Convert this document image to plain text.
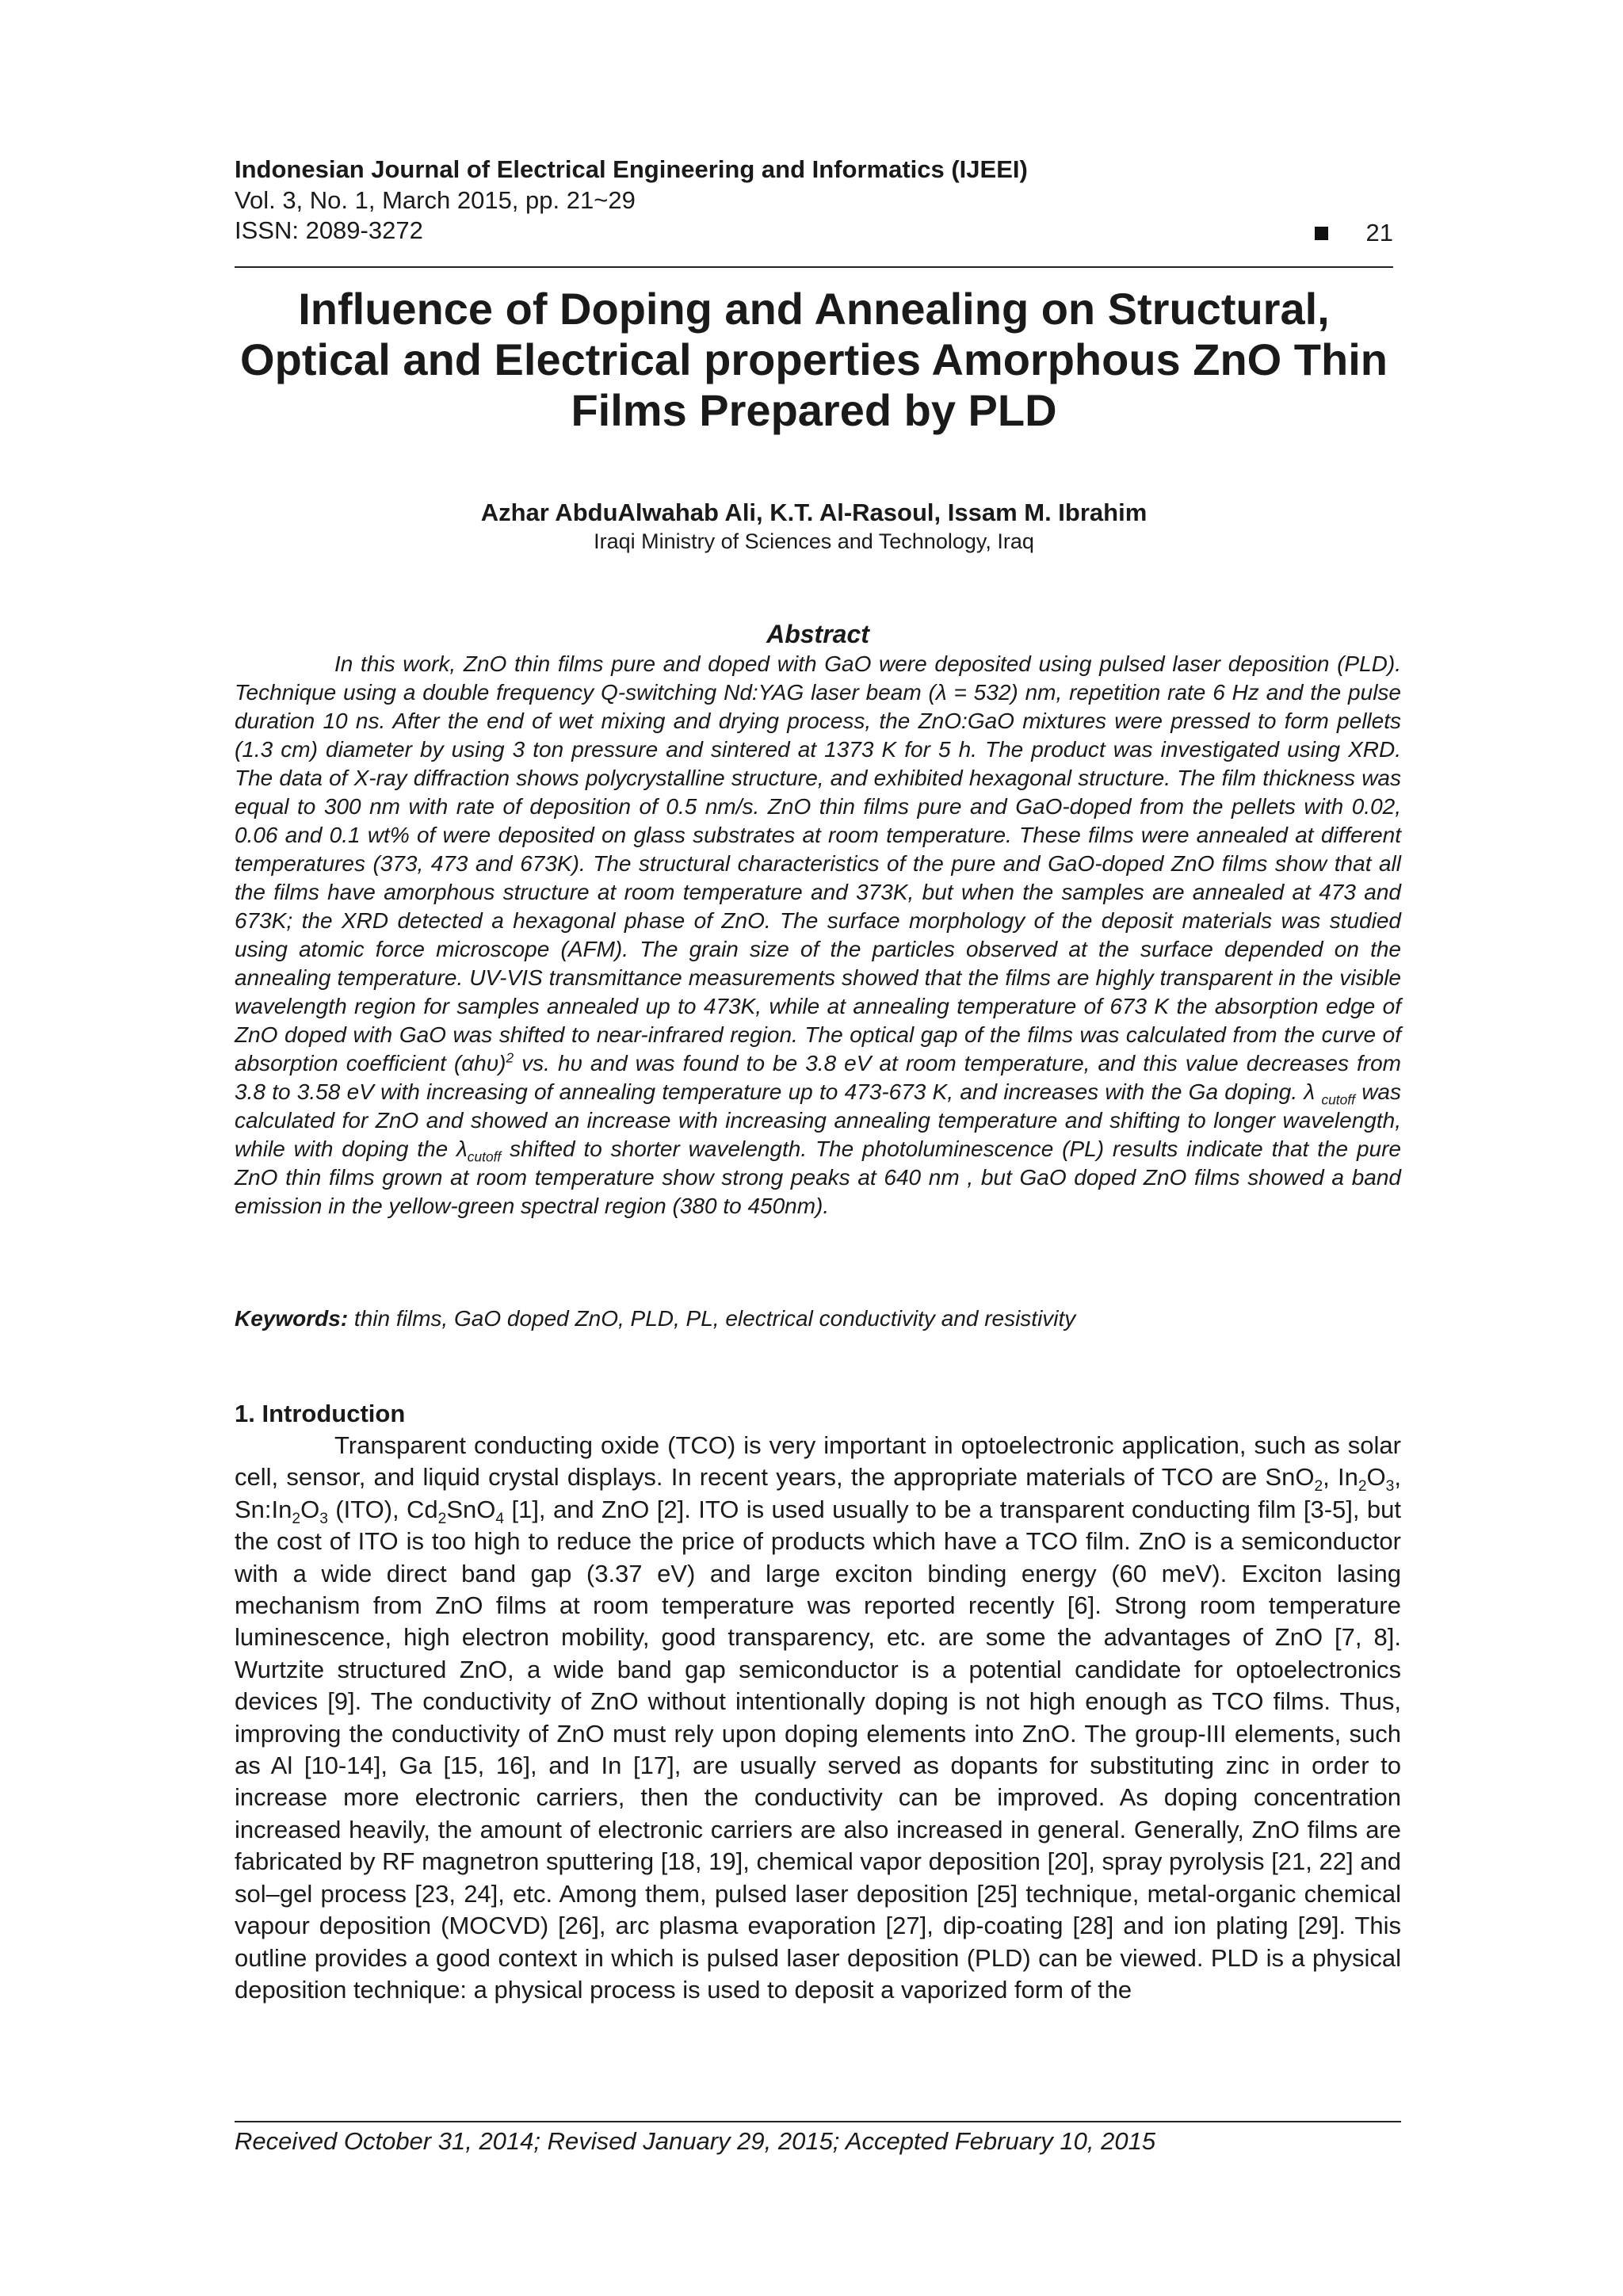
Indonesian Journal of Electrical Engineering and Informatics (IJEEI)

Vol. 3, No. 1, March 2015, pp. 21~29

ISSN: 2089-3272	21
Influence of Doping and Annealing on Structural, Optical and Electrical properties Amorphous ZnO Thin Films Prepared by PLD

Azhar AbduAlwahab Ali, K.T. Al-Rasoul, Issam M. Ibrahim

Iraqi Ministry of Sciences and Technology, Iraq

Abstract

In this work, ZnO thin films pure and doped with GaO were deposited using pulsed laser deposition (PLD). Technique using a double frequency Q-switching Nd:YAG laser beam (λ = 532) nm, repetition rate 6 Hz and the pulse duration 10 ns. After the end of wet mixing and drying process, the ZnO:GaO mixtures were pressed to form pellets (1.3 cm) diameter by using 3 ton pressure and sintered at 1373 K for 5 h. The product was investigated using XRD. The data of X-ray diffraction shows polycrystalline structure, and exhibited hexagonal structure. The film thickness was equal to 300 nm with rate of deposition of 0.5 nm/s. ZnO thin films pure and GaO-doped from the pellets with 0.02, 0.06 and 0.1 wt% of were deposited on glass substrates at room temperature. These films were annealed at different temperatures (373, 473 and 673K). The structural characteristics of the pure and GaO-doped ZnO films show that all the films have amorphous structure at room temperature and 373K, but when the samples are annealed at 473 and 673K; the XRD detected a hexagonal phase of ZnO. The surface morphology of the deposit materials was studied using atomic force microscope (AFM). The grain size of the particles observed at the surface depended on the annealing temperature. UV-VIS transmittance measurements showed that the films are highly transparent in the visible wavelength region for samples annealed up to 473K, while at annealing temperature of 673 K the absorption edge of ZnO doped with GaO was shifted to near-infrared region. The optical gap of the films was calculated from the curve of absorption coefficient $(\alpha h\upsilon)^2$ vs. hυ and was found to be 3.8 eV at room temperature, and this value decreases from 3.8 to 3.58 eV with increasing of annealing temperature up to 473-673 K, and increases with the Ga doping. λ $_{cutoff}$ was calculated for ZnO and showed an increase with increasing annealing temperature and shifting to longer wavelength, while with doping the $\lambda_{cutoff}$ shifted to shorter wavelength. The photoluminescence (PL) results indicate that the pure ZnO thin films grown at room temperature show strong peaks at 640 nm , but GaO doped ZnO films showed a band emission in the yellow-green spectral region (380 to 450nm).

Keywords: thin films, GaO doped ZnO, PLD, PL, electrical conductivity and resistivity

1. Introduction

Transparent conducting oxide (TCO) is very important in optoelectronic application, such as solar cell, sensor, and liquid crystal displays. In recent years, the appropriate materials of TCO are SnO$_2$, $In_2O_3$, $Sn:In_2O_3$ (ITO), $Cd_2SnO_4$ [1], and ZnO [2]. ITO is used usually to be a transparent conducting film [3-5], but the cost of ITO is too high to reduce the price of products which have a TCO film. ZnO is a semiconductor with a wide direct band gap (3.37 eV) and large exciton binding energy (60 meV). Exciton lasing mechanism from ZnO films at room temperature was reported recently [6]. Strong room temperature luminescence, high electron mobility, good transparency, etc. are some the advantages of ZnO [7, 8]. Wurtzite structured ZnO, a wide band gap semiconductor is a potential candidate for optoelectronics devices [9]. The conductivity of ZnO without intentionally doping is not high enough as TCO films. Thus, improving the conductivity of ZnO must rely upon doping elements into ZnO. The group-III elements, such as Al [10-14], Ga [15, 16], and In [17], are usually served as dopants for substituting zinc in order to increase more electronic carriers, then the conductivity can be improved. As doping concentration increased heavily, the amount of electronic carriers are also increased in general. Generally, ZnO films are fabricated by RF magnetron sputtering [18, 19], chemical vapor deposition [20], spray pyrolysis [21, 22] and sol–gel process [23, 24], etc. Among them, pulsed laser deposition [25] technique, metal-organic chemical vapour deposition (MOCVD) [26], arc plasma evaporation [27], dip-coating [28] and ion plating [29]. This outline provides a good context in which is pulsed laser deposition (PLD) can be viewed. PLD is a physical deposition technique: a physical process is used to deposit a vaporized form of the

Received October 31, 2014; Revised January 29, 2015; Accepted February 10, 2015
